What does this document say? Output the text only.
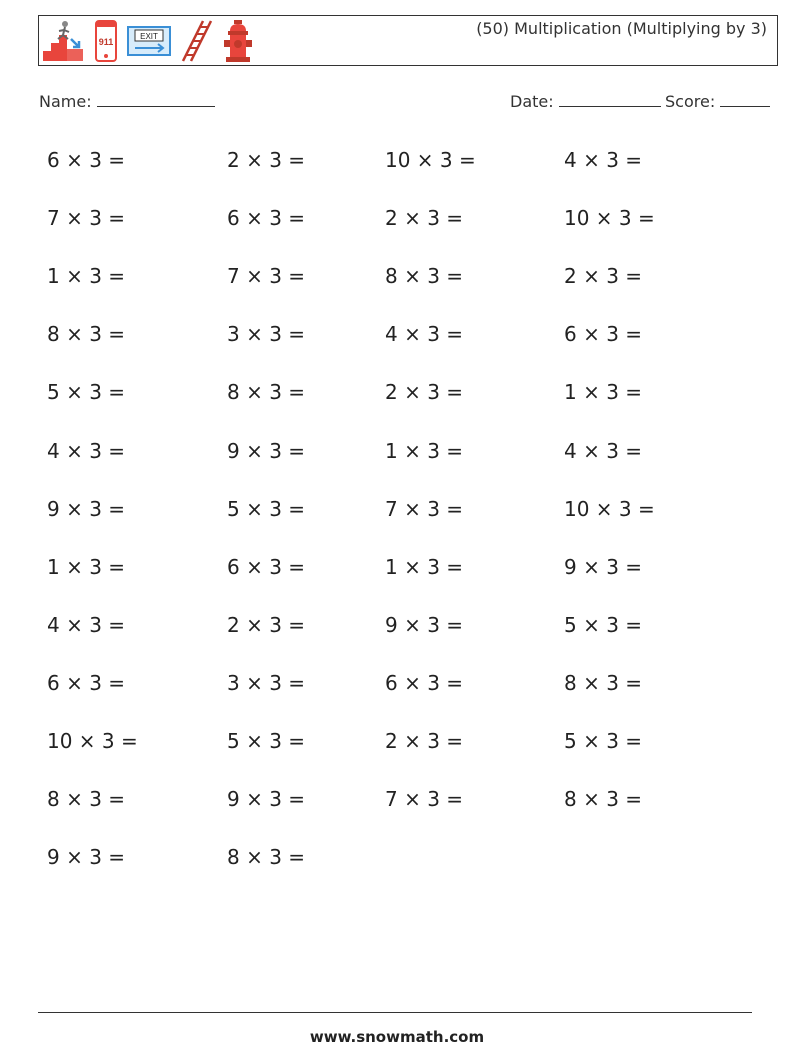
911
EXIT	(50) Multiplication (Multiplying by 3)
Name:	Date:	Score:
6 × 3 =	2 × 3 =	10 × 3 =	4 × 3 =
7 × 3 =	6 × 3 =	2 × 3 =	10 × 3 =
1 × 3 =	7 × 3 =	8 × 3 =	2 × 3 =
8 × 3 =	3 × 3 =	4 × 3 =	6 × 3 =
5 × 3 =	8 × 3 =	2 × 3 =	1 × 3 =
4 × 3 =	9 × 3 =	1 × 3 =	4 × 3 =
9 × 3 =	5 × 3 =	7 × 3 =	10 × 3 =
1 × 3 =	6 × 3 =	1 × 3 =	9 × 3 =
4 × 3 =	2 × 3 =	9 × 3 =	5 × 3 =
6 × 3 =	3 × 3 =	6 × 3 =	8 × 3 =
10 × 3 =	5 × 3 =	2 × 3 =	5 × 3 =
8 × 3 =	9 × 3 =	7 × 3 =	8 × 3 =
9 × 3 =	8 × 3 =
www.snowmath.com
